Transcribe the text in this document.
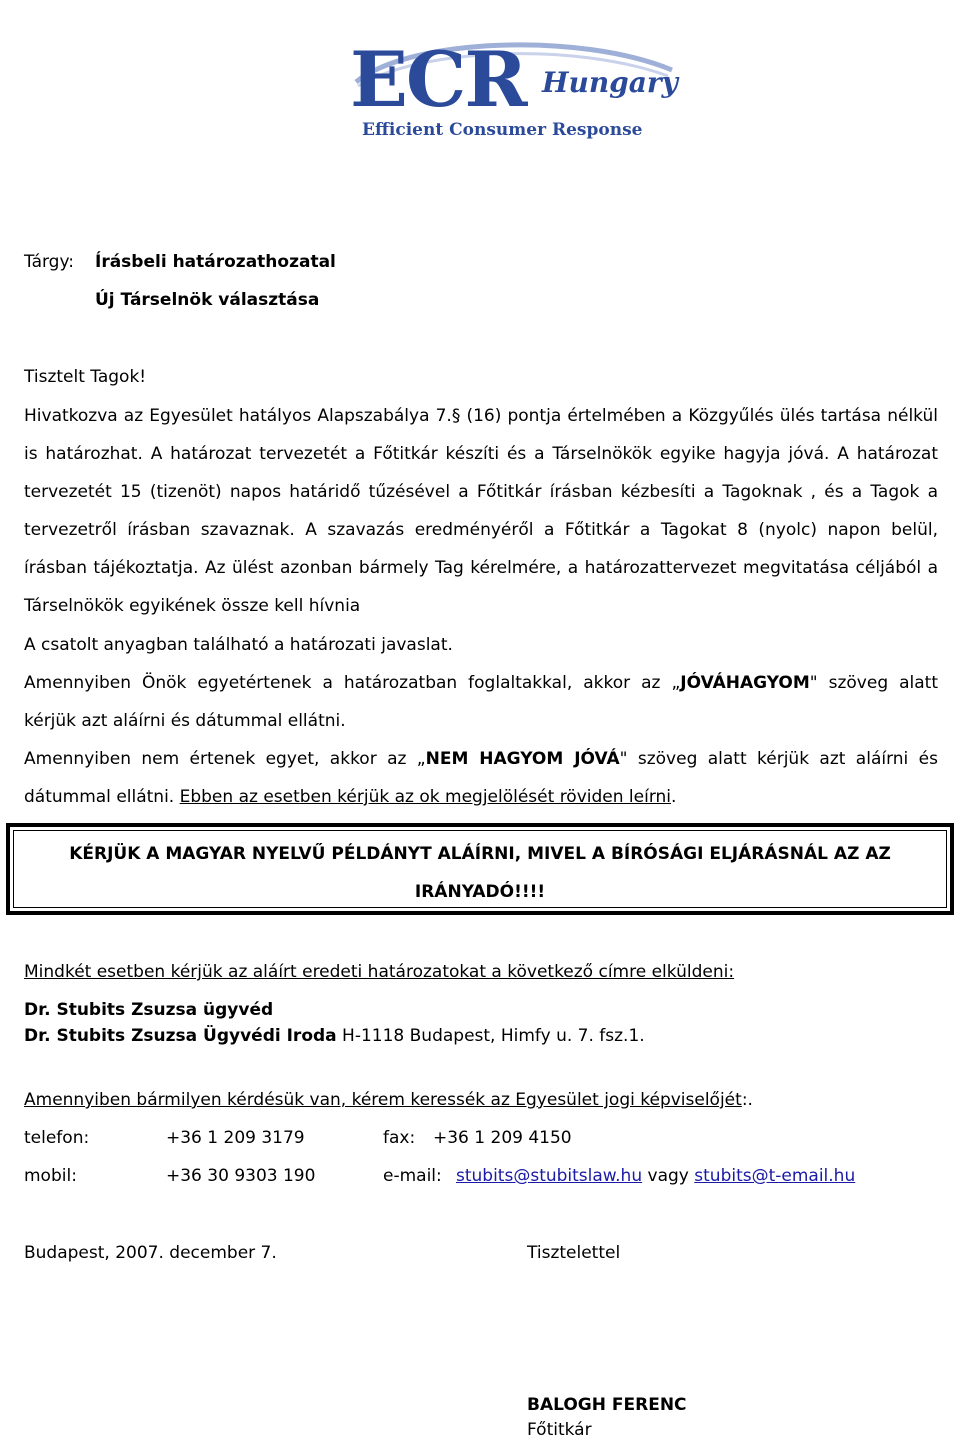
ECR Hungary
Efficient Consumer Response
Tárgy: Írásbeli határozathozatal
Új Társelnök választása
Tisztelt Tagok!
Hivatkozva az Egyesület hatályos Alapszabálya 7.§ (16) pontja értelmében a Közgyűlés ülés tartása nélkül is határozhat. A határozat tervezetét a Főtitkár készíti és a Társelnökök egyike hagyja jóvá. A határozat tervezetét 15 (tizenöt) napos határidő tűzésével a Főtitkár írásban kézbesíti a Tagoknak , és a Tagok a tervezetről írásban szavaznak. A szavazás eredményéről a Főtitkár a Tagokat 8 (nyolc) napon belül, írásban tájékoztatja. Az ülést azonban bármely Tag kérelmére, a határozattervezet megvitatása céljából a Társelnökök egyikének össze kell hívnia
A csatolt anyagban található a határozati javaslat.
Amennyiben Önök egyetértenek a határozatban foglaltakkal, akkor az „JÓVÁHAGYOM" szöveg alatt kérjük azt aláírni és dátummal ellátni.
Amennyiben nem értenek egyet, akkor az „NEM HAGYOM JÓVÁ" szöveg alatt kérjük azt aláírni és dátummal ellátni. Ebben az esetben kérjük az ok megjelölését röviden leírni.
KÉRJÜK A MAGYAR NYELVŰ PÉLDÁNYT ALÁÍRNI, MIVEL A BÍRÓSÁGI ELJÁRÁSNÁL AZ AZ
IRÁNYADÓ!!!!
Mindkét esetben kérjük az aláírt eredeti határozatokat a következő címre elküldeni:
Dr. Stubits Zsuzsa ügyvéd
Dr. Stubits Zsuzsa Ügyvédi Iroda H-1118 Budapest, Himfy u. 7. fsz.1.
Amennyiben bármilyen kérdésük van, kérem keressék az Egyesület jogi képviselőjét:.
telefon:	+36 1 209 3179	fax: +36 1 209 4150
mobil:	+36 30 9303 190	e-mail: stubits@stubitslaw.hu vagy stubits@t-email.hu
Budapest, 2007. december 7.	Tisztelettel
BALOGH FERENC
Főtitkár
